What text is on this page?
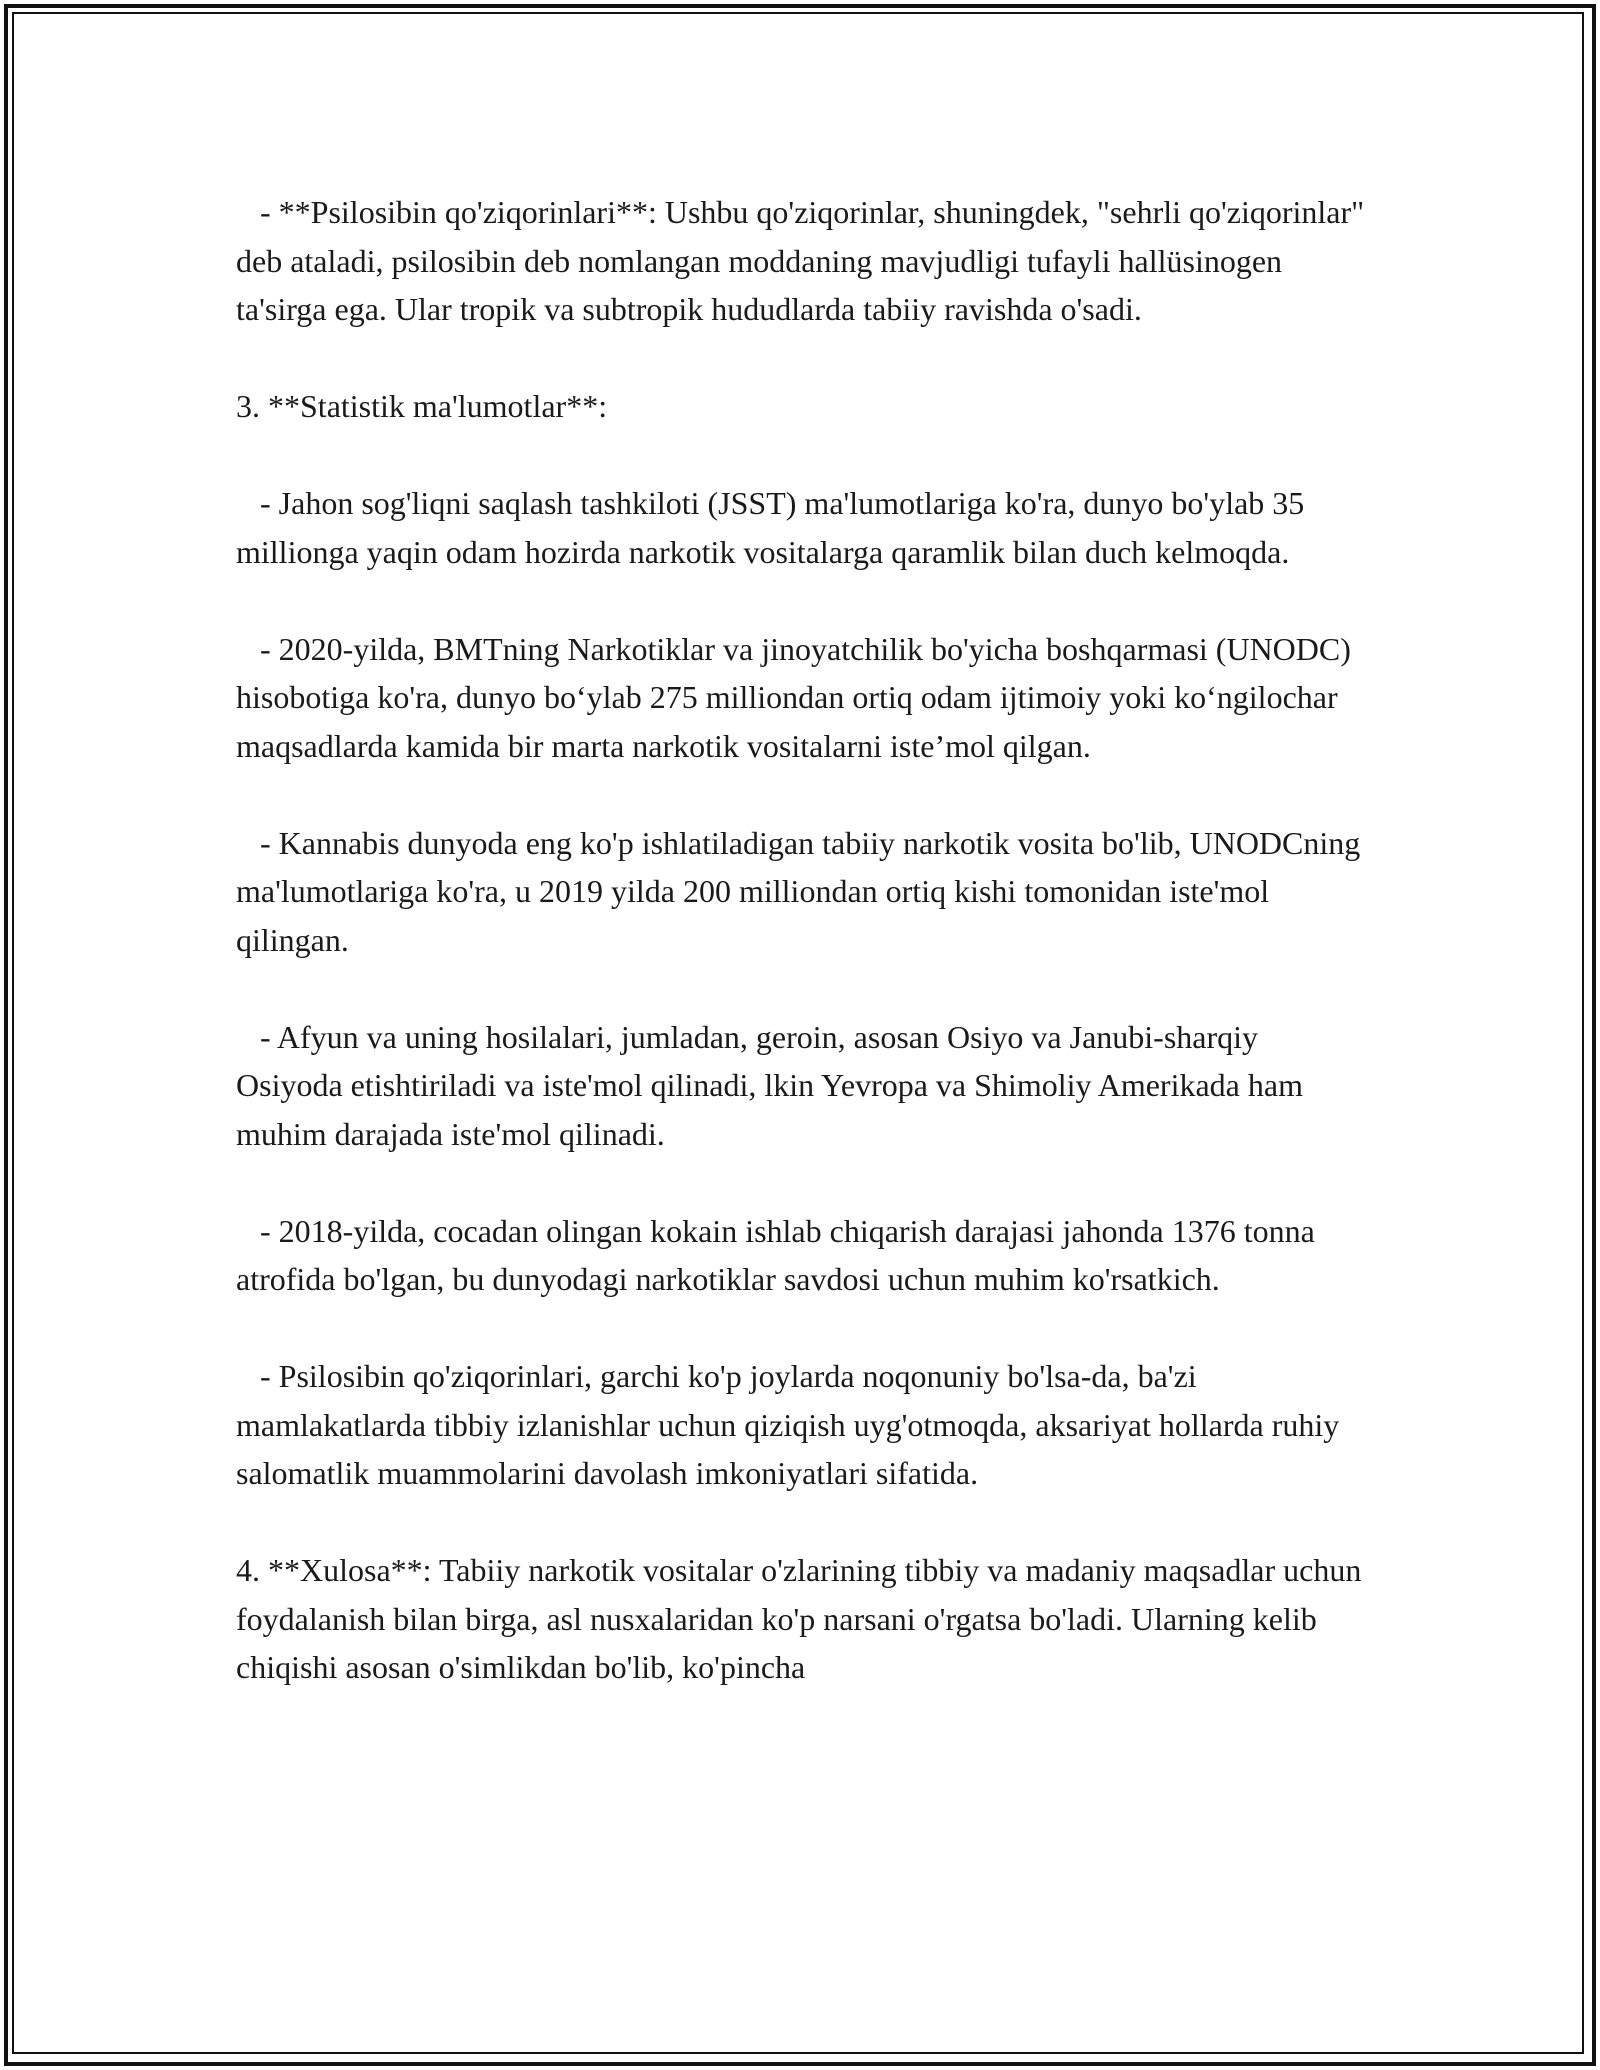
- **Psilosibin qo'ziqorinlari**: Ushbu qo'ziqorinlar, shuningdek, "sehrli qo'ziqorinlar" deb ataladi, psilosibin deb nomlangan moddaning mavjudligi tufayli hallüsinogen ta'sirga ega. Ular tropik va subtropik hududlarda tabiiy ravishda o'sadi.

3. **Statistik ma'lumotlar**:

- Jahon sog'liqni saqlash tashkiloti (JSST) ma'lumotlariga ko'ra, dunyo bo'ylab 35 millionga yaqin odam hozirda narkotik vositalarga qaramlik bilan duch kelmoqda.

- 2020-yilda, BMTning Narkotiklar va jinoyatchilik bo'yicha boshqarmasi (UNODC) hisobotiga ko'ra, dunyo bo‘ylab 275 milliondan ortiq odam ijtimoiy yoki ko‘ngilochar maqsadlarda kamida bir marta narkotik vositalarni iste’mol qilgan.

- Kannabis dunyoda eng ko'p ishlatiladigan tabiiy narkotik vosita bo'lib, UNODCning ma'lumotlariga ko'ra, u 2019 yilda 200 milliondan ortiq kishi tomonidan iste'mol qilingan.

- Afyun va uning hosilalari, jumladan, geroin, asosan Osiyo va Janubi-sharqiy Osiyoda etishtiriladi va iste'mol qilinadi, lkin Yevropa va Shimoliy Amerikada ham muhim darajada iste'mol qilinadi.

- 2018-yilda, cocadan olingan kokain ishlab chiqarish darajasi jahonda 1376 tonna atrofida bo'lgan, bu dunyodagi narkotiklar savdosi uchun muhim ko'rsatkich.

- Psilosibin qo'ziqorinlari, garchi ko'p joylarda noqonuniy bo'lsa-da, ba'zi mamlakatlarda tibbiy izlanishlar uchun qiziqish uyg'otmoqda, aksariyat hollarda ruhiy salomatlik muammolarini davolash imkoniyatlari sifatida.

4. **Xulosa**: Tabiiy narkotik vositalar o'zlarining tibbiy va madaniy maqsadlar uchun foydalanish bilan birga, asl nusxalaridan ko'p narsani o'rgatsa bo'ladi. Ularning kelib chiqishi asosan o'simlikdan bo'lib, ko'pincha
